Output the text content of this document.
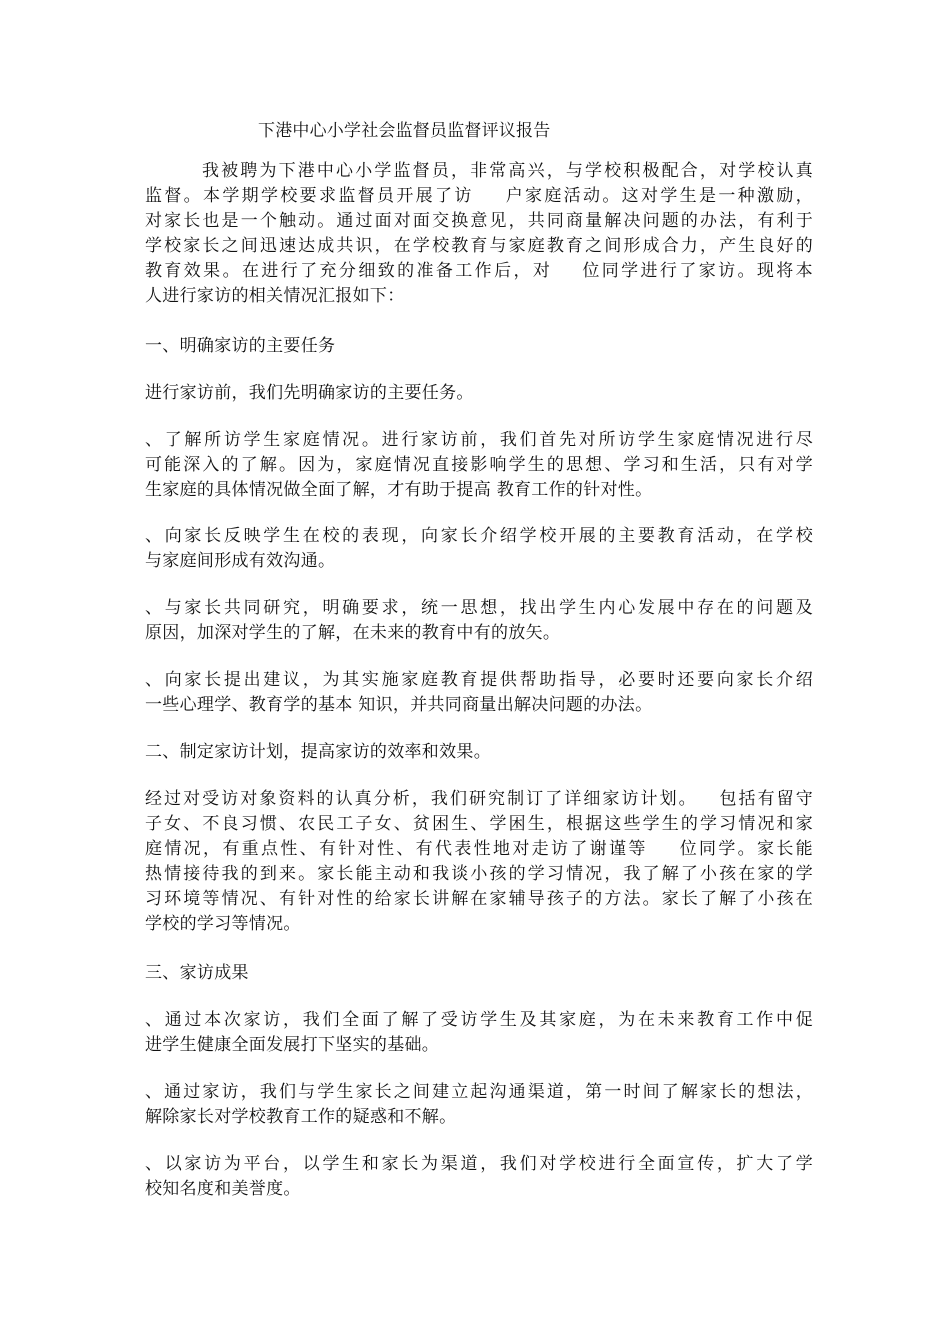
下港中心小学社会监督员监督评议报告
我被聘为下港中心小学监督员，非常高兴，与学校积极配合，对学校认真
监督。本学期学校要求监督员开展了访 户家庭活动。这对学生是一种激励，
对家长也是一个触动。通过面对面交换意见，共同商量解决问题的办法，有利于
学校家长之间迅速达成共识，在学校教育与家庭教育之间形成合力，产生良好的
教育效果。在进行了充分细致的准备工作后，对 位同学进行了家访。现将本
人进行家访的相关情况汇报如下：
一、明确家访的主要任务
进行家访前，我们先明确家访的主要任务。
、了解所访学生家庭情况。进行家访前，我们首先对所访学生家庭情况进行尽
可能深入的了解。因为，家庭情况直接影响学生的思想、学习和生活，只有对学
生家庭的具体情况做全面了解，才有助于提高 教育工作的针对性。
、向家长反映学生在校的表现，向家长介绍学校开展的主要教育活动，在学校
与家庭间形成有效沟通。
、与家长共同研究，明确要求，统一思想，找出学生内心发展中存在的问题及
原因，加深对学生的了解，在未来的教育中有的放矢。
、向家长提出建议，为其实施家庭教育提供帮助指导，必要时还要向家长介绍
一些心理学、教育学的基本 知识，并共同商量出解决问题的办法。
二、制定家访计划，提高家访的效率和效果。
经过对受访对象资料的认真分析，我们研究制订了详细家访计划。 包括有留守
子女、不良习惯、农民工子女、贫困生、学困生，根据这些学生的学习情况和家
庭情况，有重点性、有针对性、有代表性地对走访了谢谨等 位同学。家长能
热情接待我的到来。家长能主动和我谈小孩的学习情况，我了解了小孩在家的学
习环境等情况、有针对性的给家长讲解在家辅导孩子的方法。家长了解了小孩在
学校的学习等情况。
三、家访成果
、通过本次家访，我们全面了解了受访学生及其家庭，为在未来教育工作中促
进学生健康全面发展打下坚实的基础。
、通过家访，我们与学生家长之间建立起沟通渠道，第一时间了解家长的想法，
解除家长对学校教育工作的疑惑和不解。
、以家访为平台，以学生和家长为渠道，我们对学校进行全面宣传，扩大了学
校知名度和美誉度。
